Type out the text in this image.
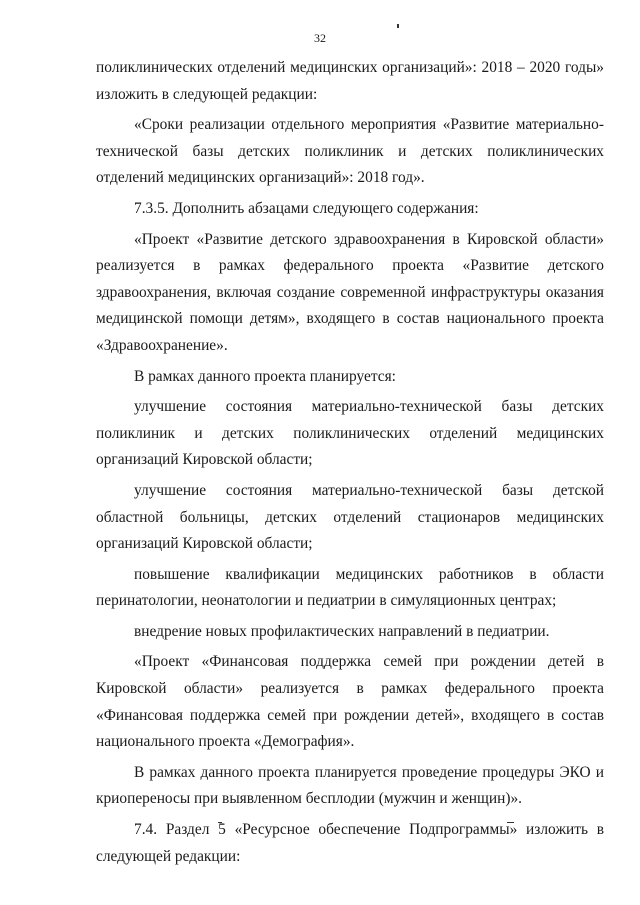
32

поликлинических отделений медицинских организаций»: 2018 – 2020 годы» изложить в следующей редакции:

«Сроки реализации отдельного мероприятия «Развитие материально-технической базы детских поликлиник и детских поликлинических отделений медицинских организаций»: 2018 год».

7.3.5. Дополнить абзацами следующего содержания:

«Проект «Развитие детского здравоохранения в Кировской области» реализуется в рамках федерального проекта «Развитие детского здравоохранения, включая создание современной инфраструктуры оказания медицинской помощи детям», входящего в состав национального проекта «Здравоохранение».

В рамках данного проекта планируется:

улучшение состояния материально-технической базы детских поликлиник и детских поликлинических отделений медицинских организаций Кировской области;

улучшение состояния материально-технической базы детской областной больницы, детских отделений стационаров медицинских организаций Кировской области;

повышение квалификации медицинских работников в области перинатологии, неонатологии и педиатрии в симуляционных центрах;

внедрение новых профилактических направлений в педиатрии.

«Проект «Финансовая поддержка семей при рождении детей в Кировской области» реализуется в рамках федерального проекта «Финансовая поддержка семей при рождении детей», входящего в состав национального проекта «Демография».

В рамках данного проекта планируется проведение процедуры ЭКО и криопереносы при выявленном бесплодии (мужчин и женщин)».

7.4. Раздел 5 «Ресурсное обеспечение Подпрограммы» изложить в следующей редакции:
